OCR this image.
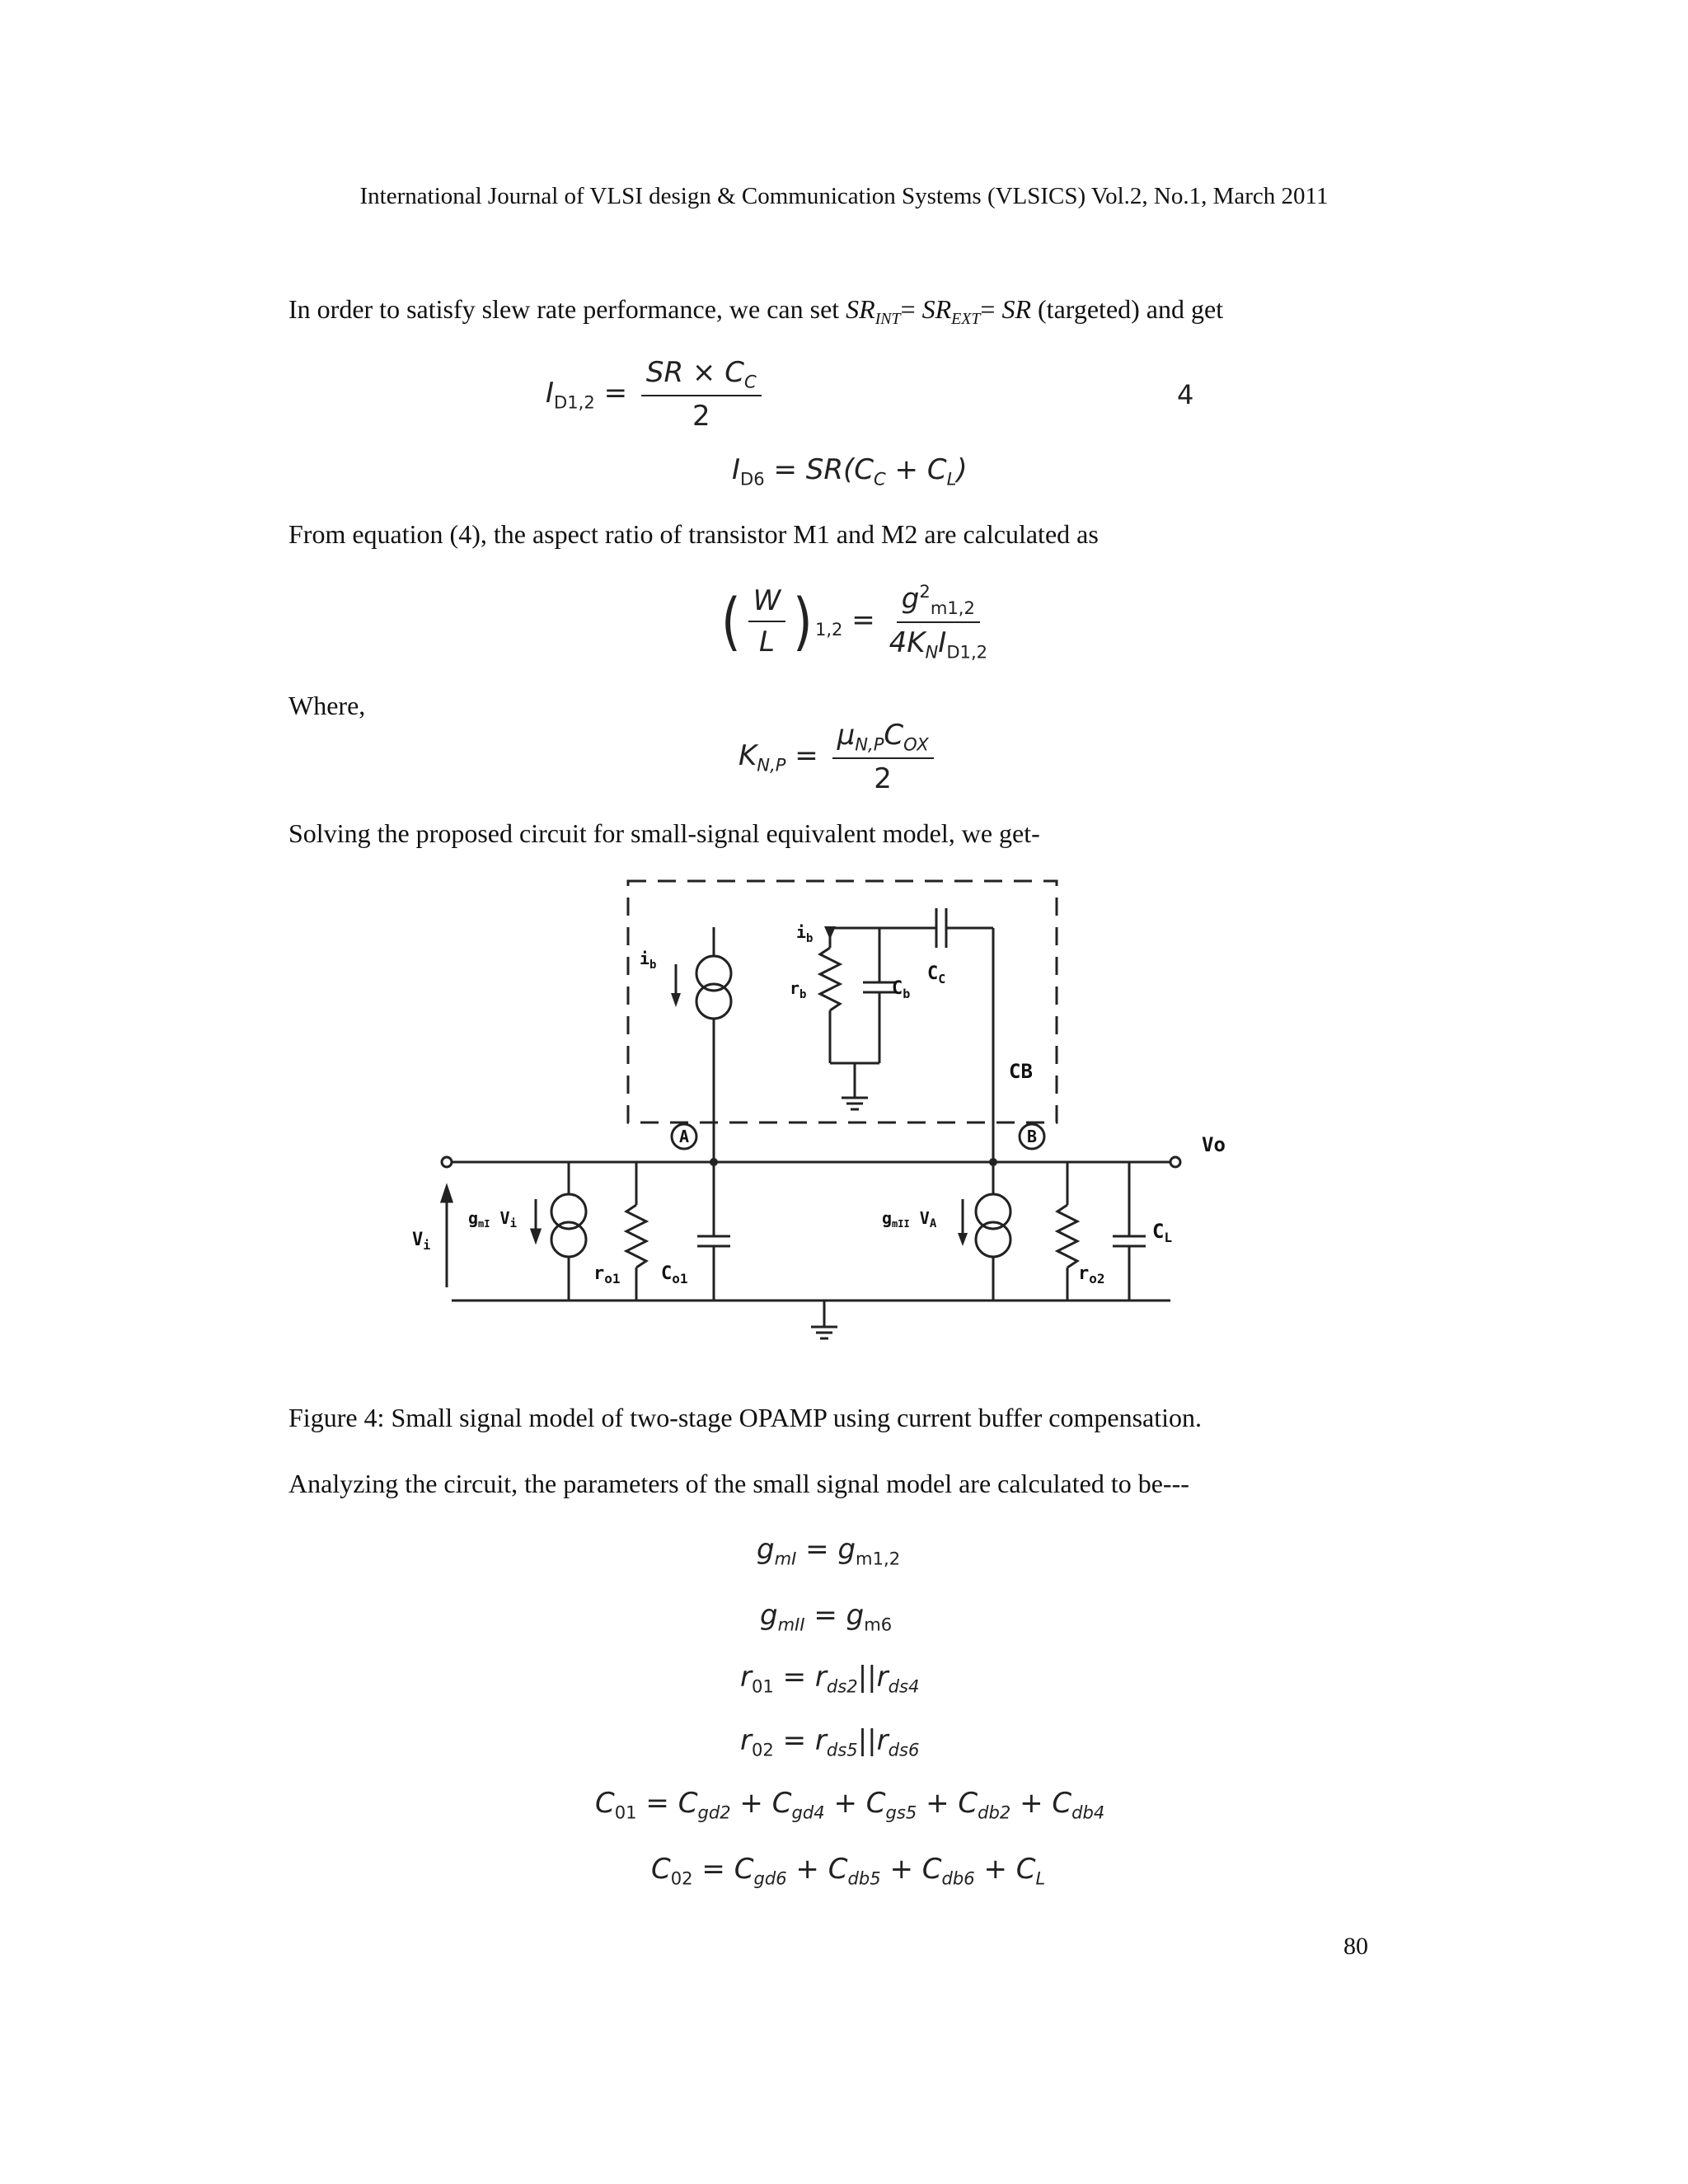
International Journal of VLSI design & Communication Systems (VLSICS) Vol.2, No.1, March 2011
In order to satisfy slew rate performance, we can set $SR_{INT}= SR_{EXT}=$ SR (targeted) and get
$I_{D1,2} = \frac{SR \times C_C}{2}$	4
$I_{D6} = SR(C_C + C_L)$
From equation (4), the aspect ratio of transistor M1 and M2 are calculated as
( $\frac{W}{L}$ ) $_{1,2} = \frac{g^2_{m1,2}}{4K_NI_{D1,2}}$
Where,
$K_{N,P} = \frac{\mu_{N,P}C_{OX}}{2}$
Solving the proposed circuit for small-signal equivalent model, we get-
$i_b$
$i_b$
$r_b$	$C_b$
$C_C$
CB
A	B	Vo
$V_i$
$g_{mI}$ $V_i$
$r_{o1}$ $C_{o1}$
$g_{mII}$ $V_A$
$r_{o2}$
$C_L$
Figure 4: Small signal model of two-stage OPAMP using current buffer compensation.
Analyzing the circuit, the parameters of the small signal model are calculated to be---
$g_{mI} = g_{m1,2}$
$g_{mII} = g_{m6}$
$r_{01} = r_{ds2}||r_{ds4}$
$r_{02} = r_{ds5}||r_{ds6}$
$C_{01} = C_{gd2} + C_{gd4} + C_{gs5} + C_{db2} + C_{db4}$
$C_{02} = C_{gd6} + C_{db5} + C_{db6} + C_L$
80
